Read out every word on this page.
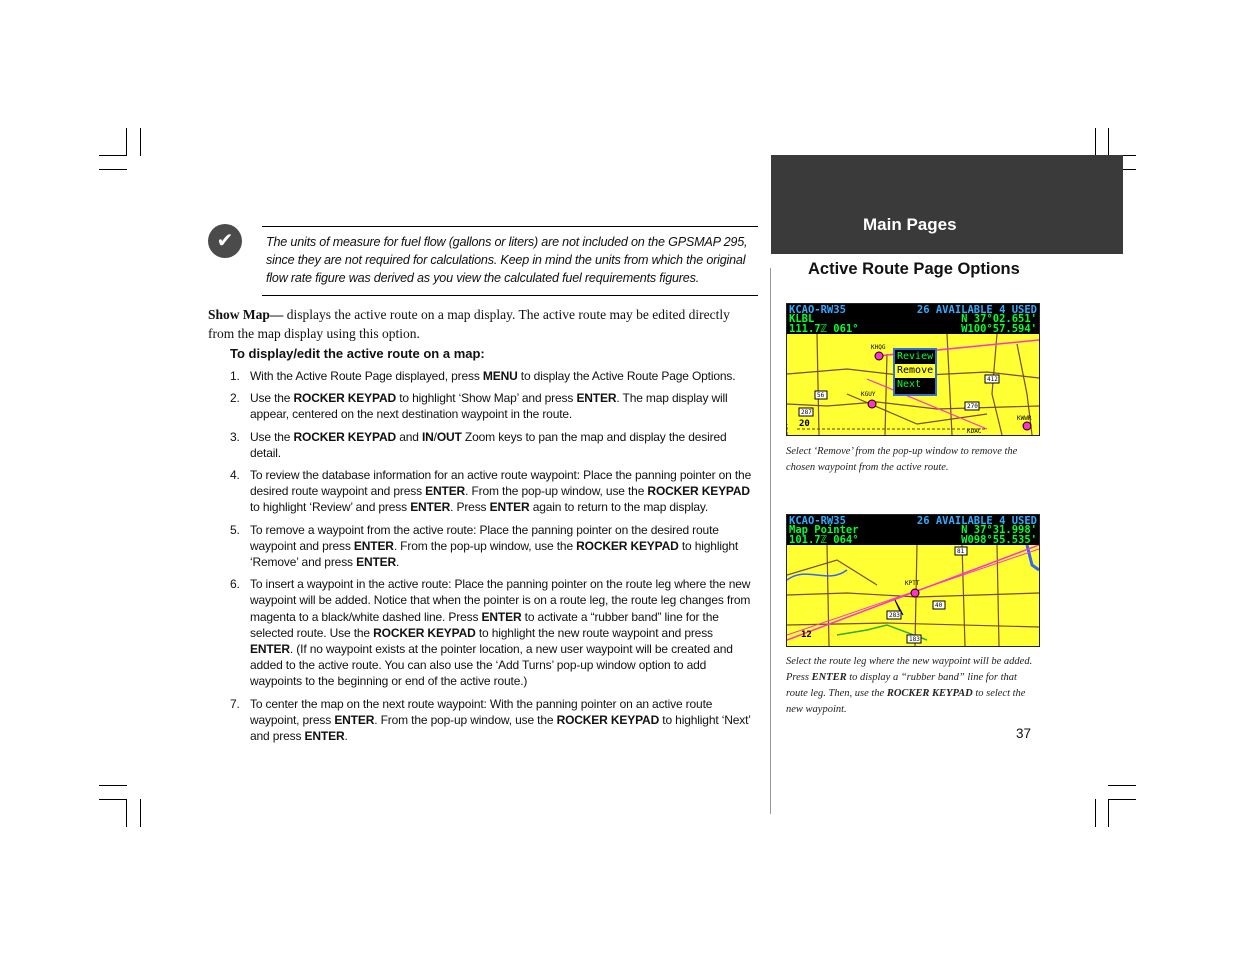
✔	The units of measure for fuel flow (gallons or liters) are not included on the GPSMAP 295, since they are not required for calculations. Keep in mind the units from which the original flow rate figure was derived as you view the calculated fuel requirements figures.

Show Map— displays the active route on a map display. The active route may be edited directly from the map display using this option.
To display/edit the active route on a map:
1. With the Active Route Page displayed, press MENU to display the Active Route Page Options.
2. Use the ROCKER KEYPAD to highlight ‘Show Map’ and press ENTER. The map display will appear, centered on the next destination waypoint in the route.
3. Use the ROCKER KEYPAD and IN/OUT Zoom keys to pan the map and display the desired detail.
4. To review the database information for an active route waypoint: Place the panning pointer on the desired route waypoint and press ENTER. From the pop-up window, use the ROCKER KEYPAD to highlight ‘Review’ and press ENTER. Press ENTER again to return to the map display.
5. To remove a waypoint from the active route: Place the panning pointer on the desired route waypoint and press ENTER. From the pop-up window, use the ROCKER KEYPAD to highlight ‘Remove’ and press ENTER.
6. To insert a waypoint in the active route: Place the panning pointer on the route leg where the new waypoint will be added. Notice that when the pointer is on a route leg, the route leg changes from magenta to a black/white dashed line. Press ENTER to activate a “rubber band” line for the selected route. Use the ROCKER KEYPAD to highlight the new route waypoint and press ENTER. (If no waypoint exists at the pointer location, a new user waypoint will be created and added to the active route. You can also use the ‘Add Turns’ pop-up window option to add waypoints to the beginning or end of the active route.)
7. To center the map on the next route waypoint: With the panning pointer on an active route waypoint, press ENTER. From the pop-up window, use the ROCKER KEYPAD to highlight ‘Next’ and press ENTER.
Main Pages
Active Route Page Options
KCAO-RW35	26 AVAILABLE 4 USED
KLBL	N 37°02.651'
111.7ℤ 061°	W100°57.594'
KHQG
KGUY
KWWR
KDAC
56
412
287
270
20
Review
Remove
Next
Select ‘Remove’ from the pop-up window to remove the chosen waypoint from the active route.
KCAO-RW35	26 AVAILABLE 4 USED
Map Pointer	N 37°31.998'
101.7ℤ 064°	W098°55.535'
KPTT
81
40
183
283
12
Select the route leg where the new waypoint will be added. Press ENTER to display a “rubber band” line for that route leg. Then, use the ROCKER KEYPAD to select the new waypoint.
37
